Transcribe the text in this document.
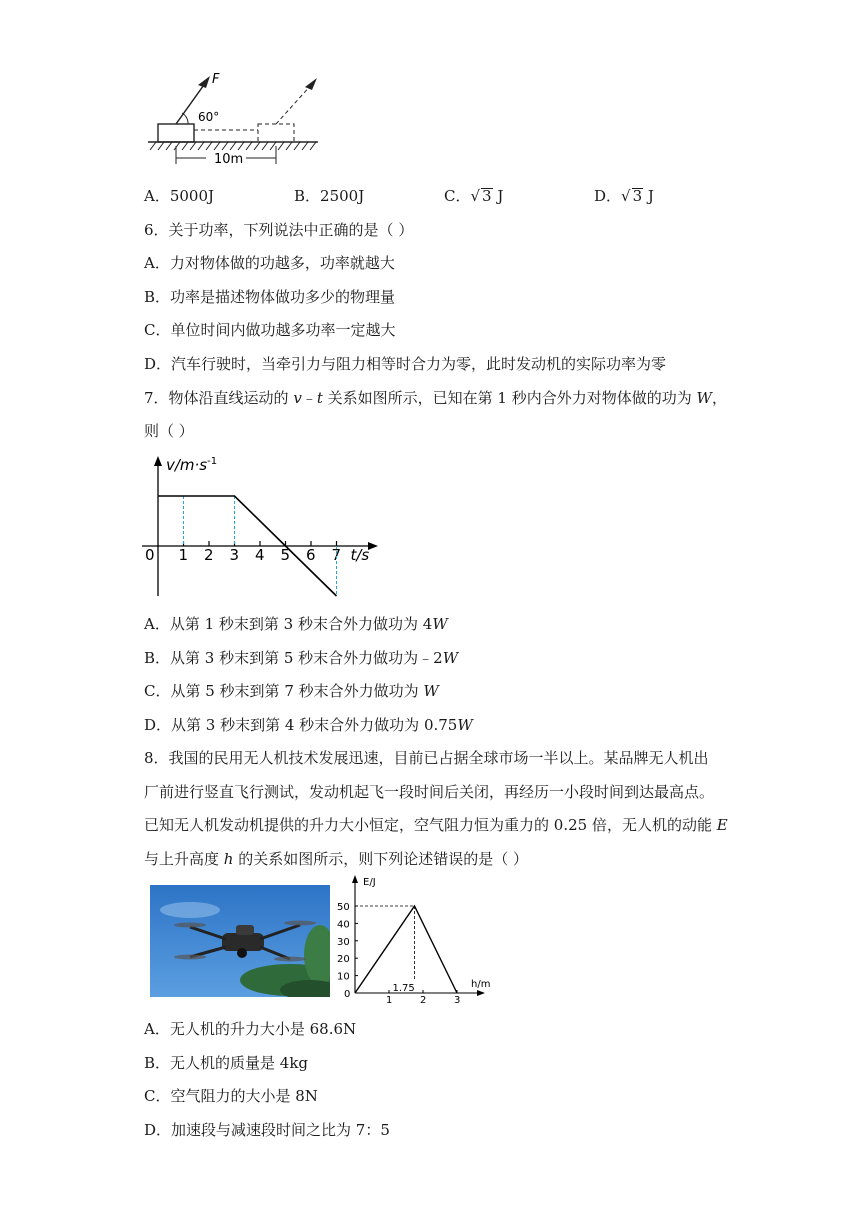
F
60°
10m
A．5000J	B．2500J	C．√ 3 J	D．√ 3 J
6．关于功率，下列说法中正确的是（ ）
A．力对物体做的功越多，功率就越大
B．功率是描述物体做功多少的物理量
C．单位时间内做功越多功率一定越大
D．汽车行驶时，当牵引力与阻力相等时合力为零，此时发动机的实际功率为零
7．物体沿直线运动的 v﹣t 关系如图所示，已知在第 1 秒内合外力对物体做的功为 W，
则（ ）
$v/m\cdot s^{-1}$
0 1 2 3 4 5 6 7 t/s
A．从第 1 秒末到第 3 秒末合外力做功为 4W
B．从第 3 秒末到第 5 秒末合外力做功为﹣2W
C．从第 5 秒末到第 7 秒末合外力做功为 W
D．从第 3 秒末到第 4 秒末合外力做功为 0.75W
8．我国的民用无人机技术发展迅速，目前已占据全球市场一半以上。某品牌无人机出
厂前进行竖直飞行测试，发动机起飞一段时间后关闭，再经历一小段时间到达最高点。
已知无人机发动机提供的升力大小恒定，空气阻力恒为重力的 0.25 倍，无人机的动能 E
与上升高度 h 的关系如图所示，则下列论述错误的是（ ）
E/J
h/m
0
10
20
30
40
50
1	2	3
1.75
A．无人机的升力大小是 68.6N
B．无人机的质量是 4kg
C．空气阻力的大小是 8N
D．加速段与减速段时间之比为 7：5
